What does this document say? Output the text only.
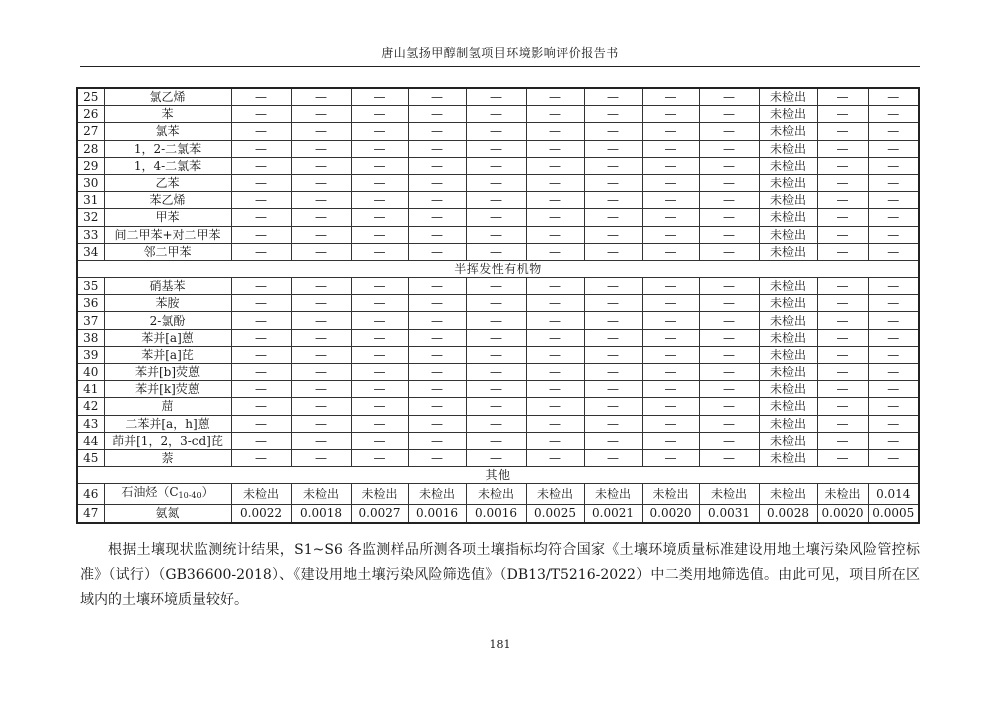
唐山氢扬甲醇制氢项目环境影响评价报告书
25	氯乙烯	—	—	—	—	—	—	—	—	—	未检出	—	—
26	苯	—	—	—	—	—	—	—	—	—	未检出	—	—
27	氯苯	—	—	—	—	—	—	—	—	—	未检出	—	—
28	1，2-二氯苯	—	—	—	—	—	—	—	—	—	未检出	—	—
29	1，4-二氯苯	—	—	—	—	—	—	—	—	—	未检出	—	—
30	乙苯	—	—	—	—	—	—	—	—	—	未检出	—	—
31	苯乙烯	—	—	—	—	—	—	—	—	—	未检出	—	—
32	甲苯	—	—	—	—	—	—	—	—	—	未检出	—	—
33	间二甲苯+对二甲苯	—	—	—	—	—	—	—	—	—	未检出	—	—
34	邻二甲苯	—	—	—	—	—	—	—	—	—	未检出	—	—
半挥发性有机物													
35	硝基苯	—	—	—	—	—	—	—	—	—	未检出	—	—
36	苯胺	—	—	—	—	—	—	—	—	—	未检出	—	—
37	2-氯酚	—	—	—	—	—	—	—	—	—	未检出	—	—
38	苯并[a]蒽	—	—	—	—	—	—	—	—	—	未检出	—	—
39	苯并[a]芘	—	—	—	—	—	—	—	—	—	未检出	—	—
40	苯并[b]荧蒽	—	—	—	—	—	—	—	—	—	未检出	—	—
41	苯并[k]荧蒽	—	—	—	—	—	—	—	—	—	未检出	—	—
42	䓛	—	—	—	—	—	—	—	—	—	未检出	—	—
43	二苯并[a，h]蒽	—	—	—	—	—	—	—	—	—	未检出	—	—
44	茚并[1，2，3-cd]芘	—	—	—	—	—	—	—	—	—	未检出	—	—
45	萘	—	—	—	—	—	—	—	—	—	未检出	—	—
其他													
46	石油烃$(C_{10-40})$	未检出	未检出	未检出	未检出	未检出	未检出	未检出	未检出	未检出	未检出	未检出	0.014
47	氨氮	0.0022	0.0018	0.0027	0.0016	0.0016	0.0025	0.0021	0.0020	0.0031	0.0028	0.0020	0.0005
根据土壤现状监测统计结果，S1~S6 各监测样品所测各项土壤指标均符合国家《土壤环境质量标准建设用地土壤污染风险管控标准》（试行）（GB36600-2018）、《建设用地土壤污染风险筛选值》（DB13/T5216-2022）中二类用地筛选值。由此可见，项目所在区域内的土壤环境质量较好。
181
